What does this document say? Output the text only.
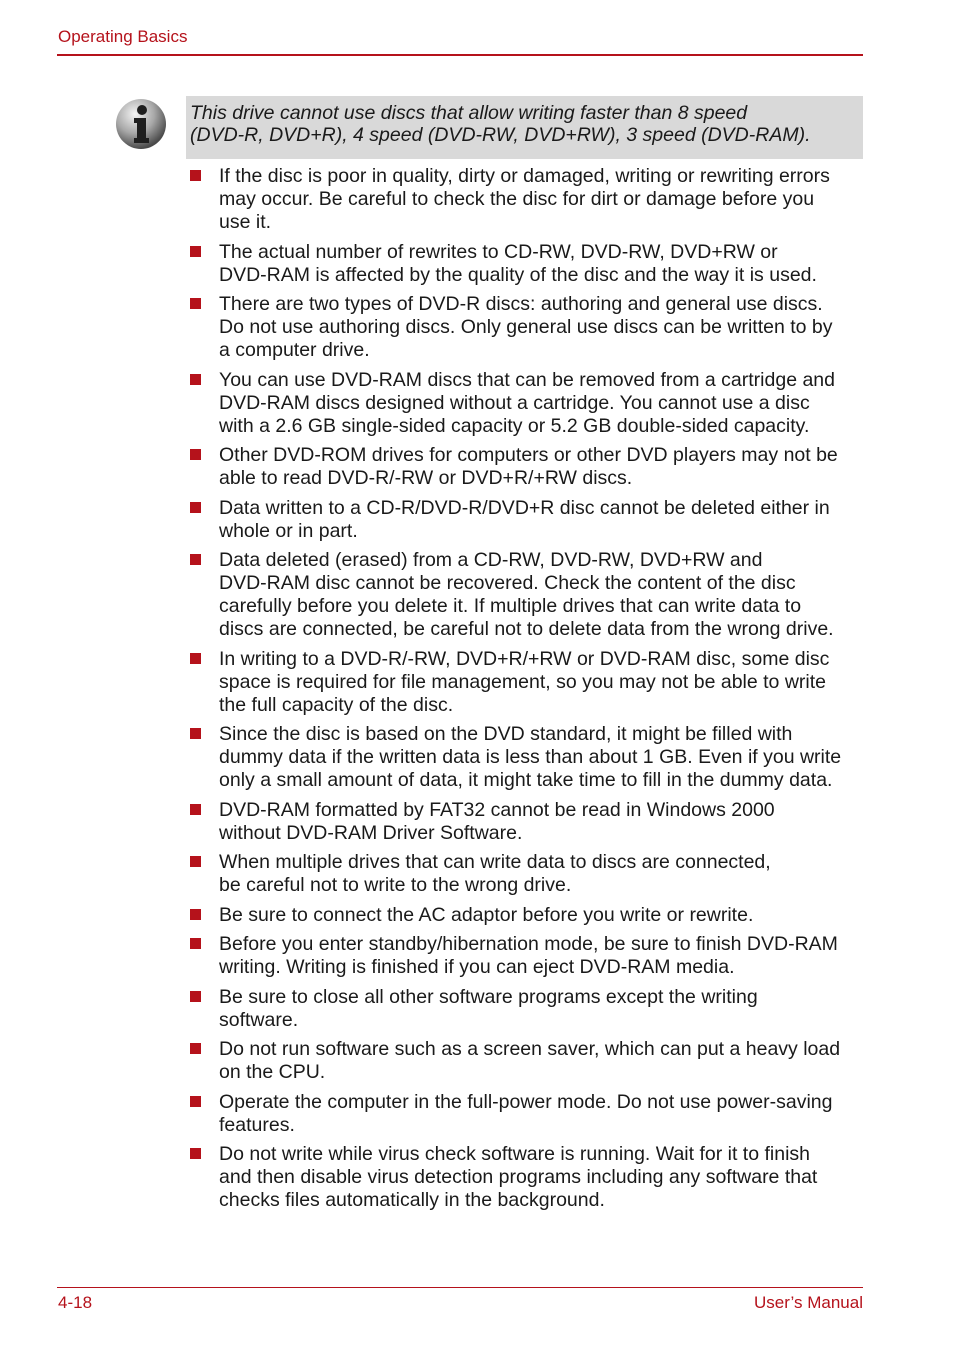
Operating Basics
This drive cannot use discs that allow writing faster than 8 speed
(DVD-R, DVD+R), 4 speed (DVD-RW, DVD+RW), 3 speed (DVD-RAM).
If the disc is poor in quality, dirty or damaged, writing or rewriting errors
may occur. Be careful to check the disc for dirt or damage before you
use it.
The actual number of rewrites to CD-RW, DVD-RW, DVD+RW or
DVD-RAM is affected by the quality of the disc and the way it is used.
There are two types of DVD-R discs: authoring and general use discs.
Do not use authoring discs. Only general use discs can be written to by
a computer drive.
You can use DVD-RAM discs that can be removed from a cartridge and
DVD-RAM discs designed without a cartridge. You cannot use a disc
with a 2.6 GB single-sided capacity or 5.2 GB double-sided capacity.
Other DVD-ROM drives for computers or other DVD players may not be
able to read DVD-R/-RW or DVD+R/+RW discs.
Data written to a CD-R/DVD-R/DVD+R disc cannot be deleted either in
whole or in part.
Data deleted (erased) from a CD-RW, DVD-RW, DVD+RW and
DVD-RAM disc cannot be recovered. Check the content of the disc
carefully before you delete it. If multiple drives that can write data to
discs are connected, be careful not to delete data from the wrong drive.
In writing to a DVD-R/-RW, DVD+R/+RW or DVD-RAM disc, some disc
space is required for file management, so you may not be able to write
the full capacity of the disc.
Since the disc is based on the DVD standard, it might be filled with
dummy data if the written data is less than about 1 GB. Even if you write
only a small amount of data, it might take time to fill in the dummy data.
DVD-RAM formatted by FAT32 cannot be read in Windows 2000
without DVD-RAM Driver Software.
When multiple drives that can write data to discs are connected,
be careful not to write to the wrong drive.
Be sure to connect the AC adaptor before you write or rewrite.
Before you enter standby/hibernation mode, be sure to finish DVD-RAM
writing. Writing is finished if you can eject DVD-RAM media.
Be sure to close all other software programs except the writing
software.
Do not run software such as a screen saver, which can put a heavy load
on the CPU.
Operate the computer in the full-power mode. Do not use power-saving
features.
Do not write while virus check software is running. Wait for it to finish
and then disable virus detection programs including any software that
checks files automatically in the background.
4-18	User’s Manual
